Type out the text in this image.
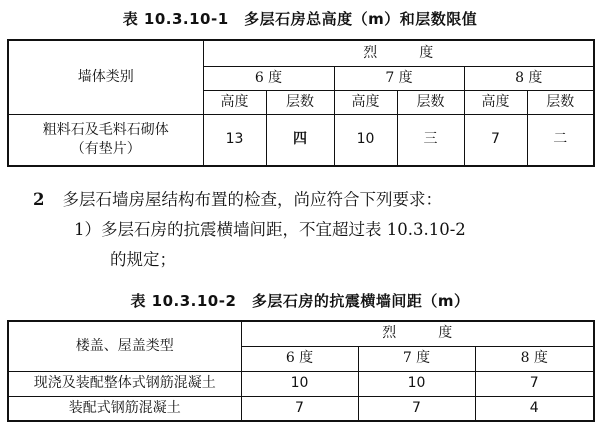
表 10.3.10-1　多层石房总高度（m）和层数限值
墙体类别	烈　度					
	6 度		7 度		8 度	
	高度	层数	高度	层数	高度	层数

粗料石及毛料石砌体
（有垫片）	13	四	10	三	7	二
2 多层石墙房屋结构布置的检查，尚应符合下列要求：
1）多层石房的抗震横墙间距，不宜超过表 10.3.10-2
的规定；
表 10.3.10-2　多层石房的抗震横墙间距（m）
楼盖、屋盖类型	烈　度		
	6 度	7 度	8 度
现浇及装配整体式钢筋混凝土	10	10	7
装配式钢筋混凝土	7	7	4
